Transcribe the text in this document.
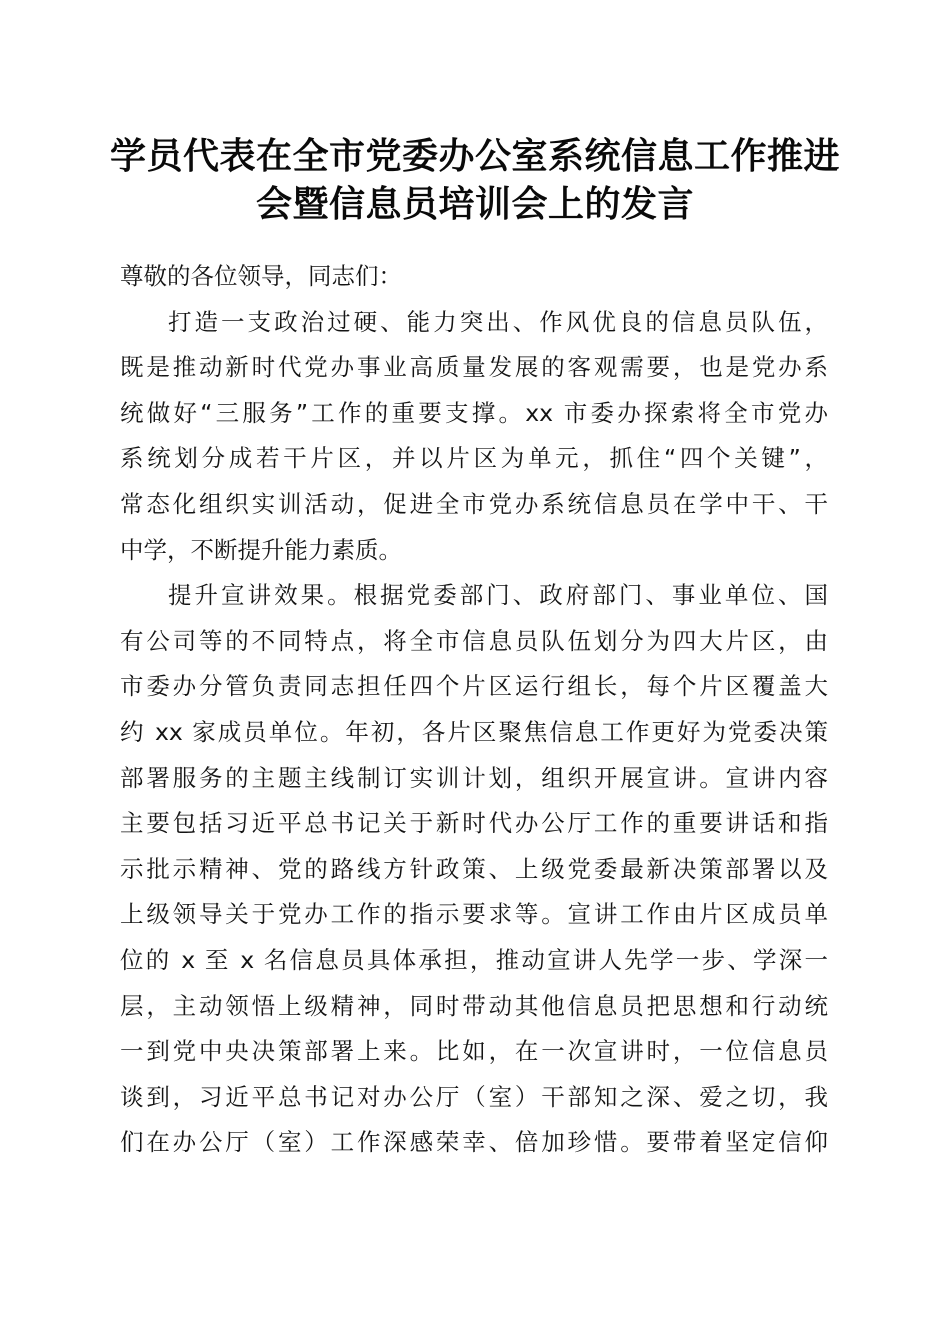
学员代表在全市党委办公室系统信息工作推进
会暨信息员培训会上的发言

尊敬的各位领导，同志们：

打造一支政治过硬、能力突出、作风优良的信息员队伍，
既是推动新时代党办事业高质量发展的客观需要，也是党办系
统做好“三服务”工作的重要支撑。xx 市委办探索将全市党办
系统划分成若干片区，并以片区为单元，抓住“四个关键”，
常态化组织实训活动，促进全市党办系统信息员在学中干、干
中学，不断提升能力素质。

提升宣讲效果。根据党委部门、政府部门、事业单位、国
有公司等的不同特点，将全市信息员队伍划分为四大片区，由
市委办分管负责同志担任四个片区运行组长，每个片区覆盖大
约 xx 家成员单位。年初，各片区聚焦信息工作更好为党委决策
部署服务的主题主线制订实训计划，组织开展宣讲。宣讲内容
主要包括习近平总书记关于新时代办公厅工作的重要讲话和指
示批示精神、党的路线方针政策、上级党委最新决策部署以及
上级领导关于党办工作的指示要求等。宣讲工作由片区成员单
位的 x 至 x 名信息员具体承担，推动宣讲人先学一步、学深一
层，主动领悟上级精神，同时带动其他信息员把思想和行动统
一到党中央决策部署上来。比如，在一次宣讲时，一位信息员
谈到，习近平总书记对办公厅（室）干部知之深、爱之切，我
们在办公厅（室）工作深感荣幸、倍加珍惜。要带着坚定信仰
